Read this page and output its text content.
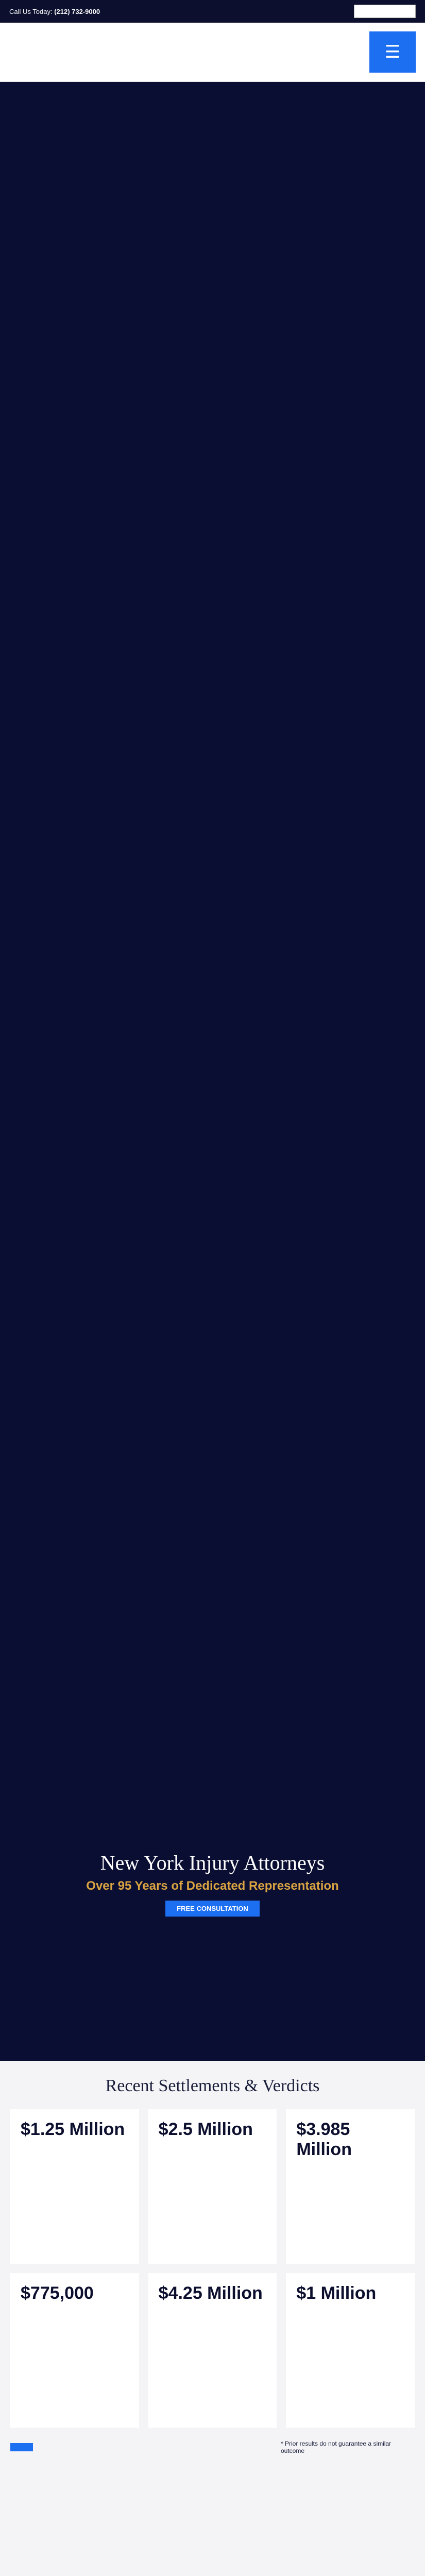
Call Us Today: (212) 732-9000
☰
New York Injury Attorneys
Over 95 Years of Dedicated Representation
FREE CONSULTATION
Recent Settlements & Verdicts
$1.25 Million $2.5 Million	$3.985 Million
$775,000	$4.25 Million $1 Million
* Prior results do not guarantee a similar outcome
